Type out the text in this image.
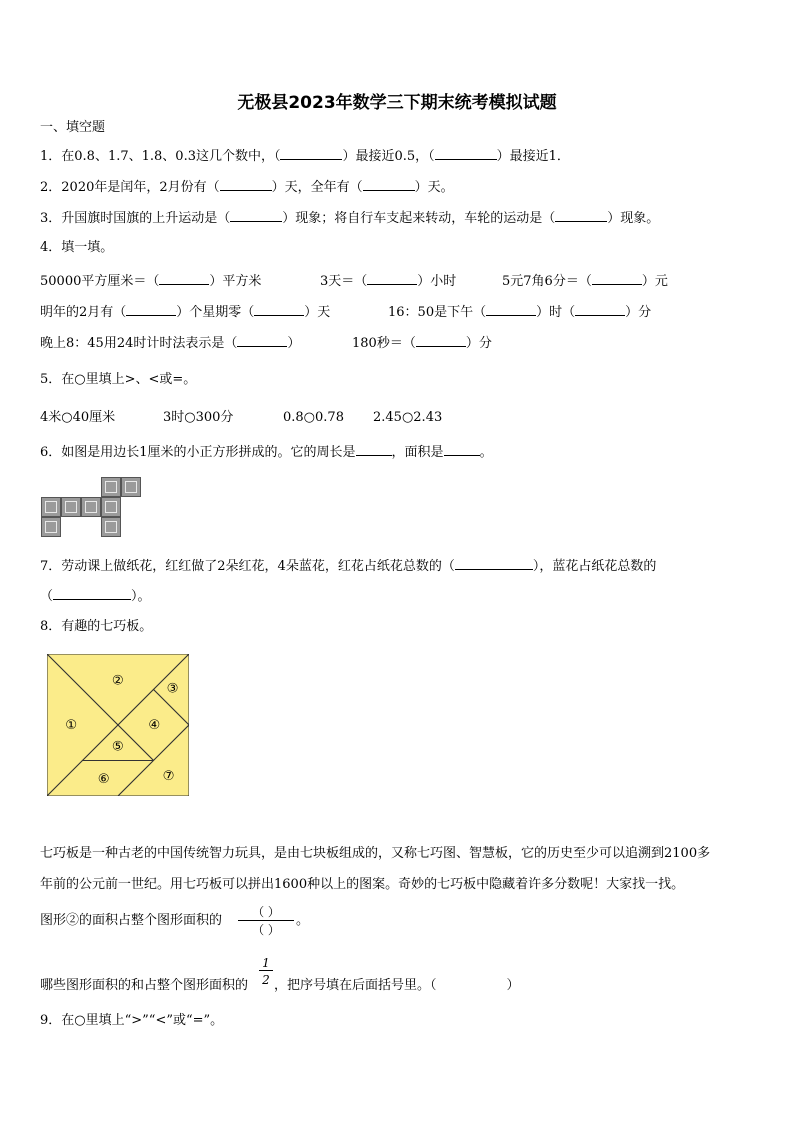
无极县2023年数学三下期末统考模拟试题
一、填空题
1．在0.8、1.7、1.8、0.3这几个数中，（	）最接近0.5，（	）最接近1．
2．2020年是闰年，2月份有（	）天，全年有（	）天。
3．升国旗时国旗的上升运动是（	）现象；将自行车支起来转动，车轮的运动是（	）现象。
4．填一填。
50000平方厘米＝（	）平方米	3天＝（	）小时	5元7角6分＝（	）元
明年的2月有（	）个星期零（	）天	16：50是下午（	）时（	）分
晚上8：45用24时计时法表示是（	）	180秒＝（	）分
5．在○里填上>、<或=。
4米○40厘米	3时○300分	0.8○0.78 2.45○2.43
6．如图是用边长1厘米的小正方形拼成的。它的周长是	，面积是	。
7．劳动课上做纸花，红红做了2朵红花，4朵蓝花，红花占纸花总数的（	），蓝花占纸花总数的
（	）。
8．有趣的七巧板。
②
①
③
④
⑤
⑥	⑦
七巧板是一种古老的中国传统智力玩具，是由七块板组成的，又称七巧图、智慧板，它的历史至少可以追溯到2100多
年前的公元前一世纪。用七巧板可以拼出1600种以上的图案。奇妙的七巧板中隐藏着许多分数呢！大家找一找。
图形②的面积占整个图形面积的
（ ）
（ ）
。
1
2
哪些图形面积的和占整个图形面积的 ，把序号填在后面括号里。（	）
9．在○里填上“>”“<”或“=”。
